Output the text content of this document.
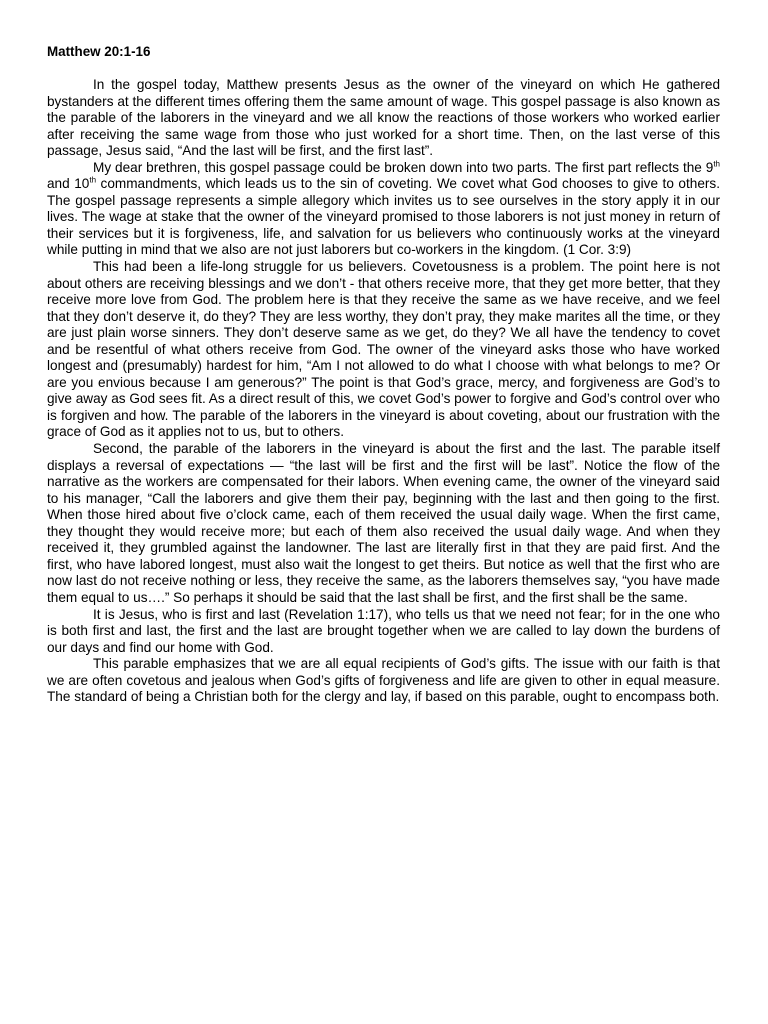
Matthew 20:1-16

In the gospel today, Matthew presents Jesus as the owner of the vineyard on which He gathered bystanders at the different times offering them the same amount of wage. This gospel passage is also known as the parable of the laborers in the vineyard and we all know the reactions of those workers who worked earlier after receiving the same wage from those who just worked for a short time. Then, on the last verse of this passage, Jesus said, “And the last will be first, and the first last”.

My dear brethren, this gospel passage could be broken down into two parts. The first part reflects the 9th and 10th commandments, which leads us to the sin of coveting. We covet what God chooses to give to others. The gospel passage represents a simple allegory which invites us to see ourselves in the story apply it in our lives. The wage at stake that the owner of the vineyard promised to those laborers is not just money in return of their services but it is forgiveness, life, and salvation for us believers who continuously works at the vineyard while putting in mind that we also are not just laborers but co-workers in the kingdom. (1 Cor. 3:9)

This had been a life-long struggle for us believers. Covetousness is a problem. The point here is not about others are receiving blessings and we don’t - that others receive more, that they get more better, that they receive more love from God. The problem here is that they receive the same as we have receive, and we feel that they don’t deserve it, do they? They are less worthy, they don’t pray, they make marites all the time, or they are just plain worse sinners. They don’t deserve same as we get, do they? We all have the tendency to covet and be resentful of what others receive from God. The owner of the vineyard asks those who have worked longest and (presumably) hardest for him, “Am I not allowed to do what I choose with what belongs to me? Or are you envious because I am generous?” The point is that God’s grace, mercy, and forgiveness are God’s to give away as God sees fit. As a direct result of this, we covet God’s power to forgive and God’s control over who is forgiven and how. The parable of the laborers in the vineyard is about coveting, about our frustration with the grace of God as it applies not to us, but to others.

Second, the parable of the laborers in the vineyard is about the first and the last. The parable itself displays a reversal of expectations — “the last will be first and the first will be last”. Notice the flow of the narrative as the workers are compensated for their labors. When evening came, the owner of the vineyard said to his manager, “Call the laborers and give them their pay, beginning with the last and then going to the first. When those hired about five o’clock came, each of them received the usual daily wage. When the first came, they thought they would receive more; but each of them also received the usual daily wage. And when they received it, they grumbled against the landowner. The last are literally first in that they are paid first. And the first, who have labored longest, must also wait the longest to get theirs. But notice as well that the first who are now last do not receive nothing or less, they receive the same, as the laborers themselves say, “you have made them equal to us….” So perhaps it should be said that the last shall be first, and the first shall be the same.

It is Jesus, who is first and last (Revelation 1:17), who tells us that we need not fear; for in the one who is both first and last, the first and the last are brought together when we are called to lay down the burdens of our days and find our home with God.

This parable emphasizes that we are all equal recipients of God’s gifts. The issue with our faith is that we are often covetous and jealous when God’s gifts of forgiveness and life are given to other in equal measure. The standard of being a Christian both for the clergy and lay, if based on this parable, ought to encompass both.
